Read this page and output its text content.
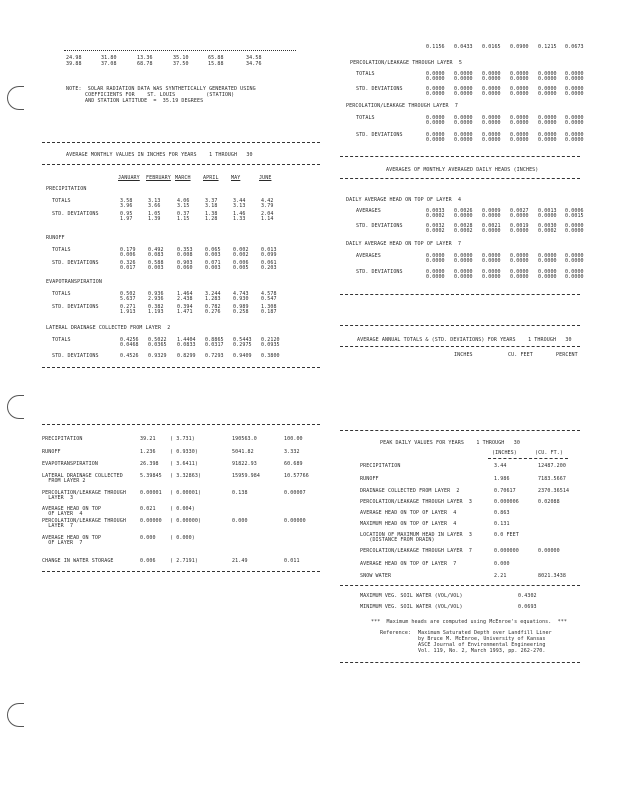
24.98	31.80	13.36	35.10	65.88	34.58
39.88	37.08	68.78	37.50	15.88	34.76
NOTE:  SOLAR RADIATION DATA WAS SYNTHETICALLY GENERATED USING
COEFFICIENTS FOR    ST. LOUIS          (STATION)
AND STATION LATITUDE  =  35.19 DEGREES
AVERAGE MONTHLY VALUES IN INCHES FOR YEARS    1 THROUGH   30
JANUARY FEBRUARY MARCH APRIL MAY	JUNE
PRECIPITATION
TOTALS	3.58	3.13	4.06	3.37	3.44	4.42
3.96	3.66	3.15	3.18	3.13	3.79
STD. DEVIATIONS	0.95	1.05	0.37	1.38	1.46	2.04
1.97	1.39	1.15	1.28	1.33	1.14
RUNOFF
TOTALS	0.179 0.492	0.353 0.065 0.002 0.013
0.006 0.083	0.008 0.003 0.002 0.099
STD. DEVIATIONS	0.326 0.588	0.903 0.071 0.006 0.061
0.017 0.003	0.060 0.003 0.005 0.203
EVAPOTRANSPIRATION
TOTALS	0.502 0.936	1.464 3.244 4.743 4.578
5.637 2.936	2.438 1.283 0.930 0.547
STD. DEVIATIONS	0.271 0.382	0.394 0.782 0.989 1.308
1.913 1.193	1.471 0.276 0.258 0.187
LATERAL DRAINAGE COLLECTED FROM LAYER  2
TOTALS	0.4256 0.5022 1.4404 0.8865 0.5443 0.2120
0.0468 0.0365 0.0833 0.0317 0.2975 0.0935
STD. DEVIATIONS	0.4526 0.9329 0.8299 0.7293 0.9409 0.3800
PRECIPITATION	39.21	( 3.731)	190563.0	100.00
RUNOFF	1.236	( 0.9330)	5041.82	3.332
EVAPOTRANSPIRATION	26.398 ( 3.6411)	91822.93	60.689
LATERAL DRAINAGE COLLECTED
FROM LAYER 2
5.39845 ( 3.32863)	15959.984	10.57766
PERCOLATION/LEAKAGE THROUGH
LAYER  3
0.00001 ( 0.00001)	0.138	0.00007
AVERAGE HEAD ON TOP
OF LAYER  4
0.021	( 0.004)
PERCOLATION/LEAKAGE THROUGH
LAYER  7
0.00000 ( 0.00000)	0.000	0.00000
AVERAGE HEAD ON TOP
OF LAYER  7
0.000	( 0.000)
CHANGE IN WATER STORAGE	0.006	( 2.7191)	21.49	0.011
0.1156 0.0433 0.0165 0.0900 0.1215 0.0673
PERCOLATION/LEAKAGE THROUGH LAYER  5
TOTALS	0.0000 0.0000 0.0000 0.0000 0.0000 0.0000
0.0000 0.0000 0.0000 0.0000 0.0000 0.0000
STD. DEVIATIONS	0.0000 0.0000 0.0000 0.0000 0.0000 0.0000
0.0000 0.0000 0.0000 0.0000 0.0000 0.0000
PERCOLATION/LEAKAGE THROUGH LAYER  7
TOTALS	0.0000 0.0000 0.0000 0.0000 0.0000 0.0000
0.0000 0.0000 0.0000 0.0000 0.0000 0.0000
STD. DEVIATIONS	0.0000 0.0000 0.0000 0.0000 0.0000 0.0000
0.0000 0.0000 0.0000 0.0000 0.0000 0.0000
AVERAGES OF MONTHLY AVERAGED DAILY HEADS (INCHES)
DAILY AVERAGE HEAD ON TOP OF LAYER  4
AVERAGES	0.0033 0.0026 0.0009 0.0027 0.0013 0.0006
0.0002 0.0000 0.0000 0.0000 0.0000 0.0015
STD. DEVIATIONS	0.0032 0.0028 0.0021 0.0019 0.0030 0.0000
0.0002 0.0002 0.0000 0.0000 0.0002 0.0000
DAILY AVERAGE HEAD ON TOP OF LAYER  7
AVERAGES	0.0000 0.0000 0.0000 0.0000 0.0000 0.0000
0.0000 0.0000 0.0000 0.0000 0.0000 0.0000
STD. DEVIATIONS	0.0000 0.0000 0.0000 0.0000 0.0000 0.0000
0.0000 0.0000 0.0000 0.0000 0.0000 0.0000
AVERAGE ANNUAL TOTALS & (STD. DEVIATIONS) FOR YEARS    1 THROUGH   30
INCHES	CU. FEET	PERCENT
PEAK DAILY VALUES FOR YEARS    1 THROUGH   30
(INCHES)	(CU. FT.)
PRECIPITATION	3.44	12487.200
RUNOFF	1.986	7183.5667
DRAINAGE COLLECTED FROM LAYER  2	0.70617	2370.36514
PERCOLATION/LEAKAGE THROUGH LAYER  3	0.000006	0.02088
AVERAGE HEAD ON TOP OF LAYER  4	0.863
MAXIMUM HEAD ON TOP OF LAYER  4	0.131
LOCATION OF MAXIMUM HEAD IN LAYER  3
(DISTANCE FROM DRAIN)
0.0 FEET
PERCOLATION/LEAKAGE THROUGH LAYER  7	0.000000	0.00000
AVERAGE HEAD ON TOP OF LAYER  7	0.000
SNOW WATER	2.21	8021.3438
MAXIMUM VEG. SOIL WATER (VOL/VOL)	0.4302
MINIMUM VEG. SOIL WATER (VOL/VOL)	0.0693
***  Maximum heads are computed using McEnroe's equations.  ***
Reference: Maximum Saturated Depth over Landfill Liner
by Bruce M. McEnroe, University of Kansas
ASCE Journal of Environmental Engineering
Vol. 119, No. 2, March 1993, pp. 262-270.
